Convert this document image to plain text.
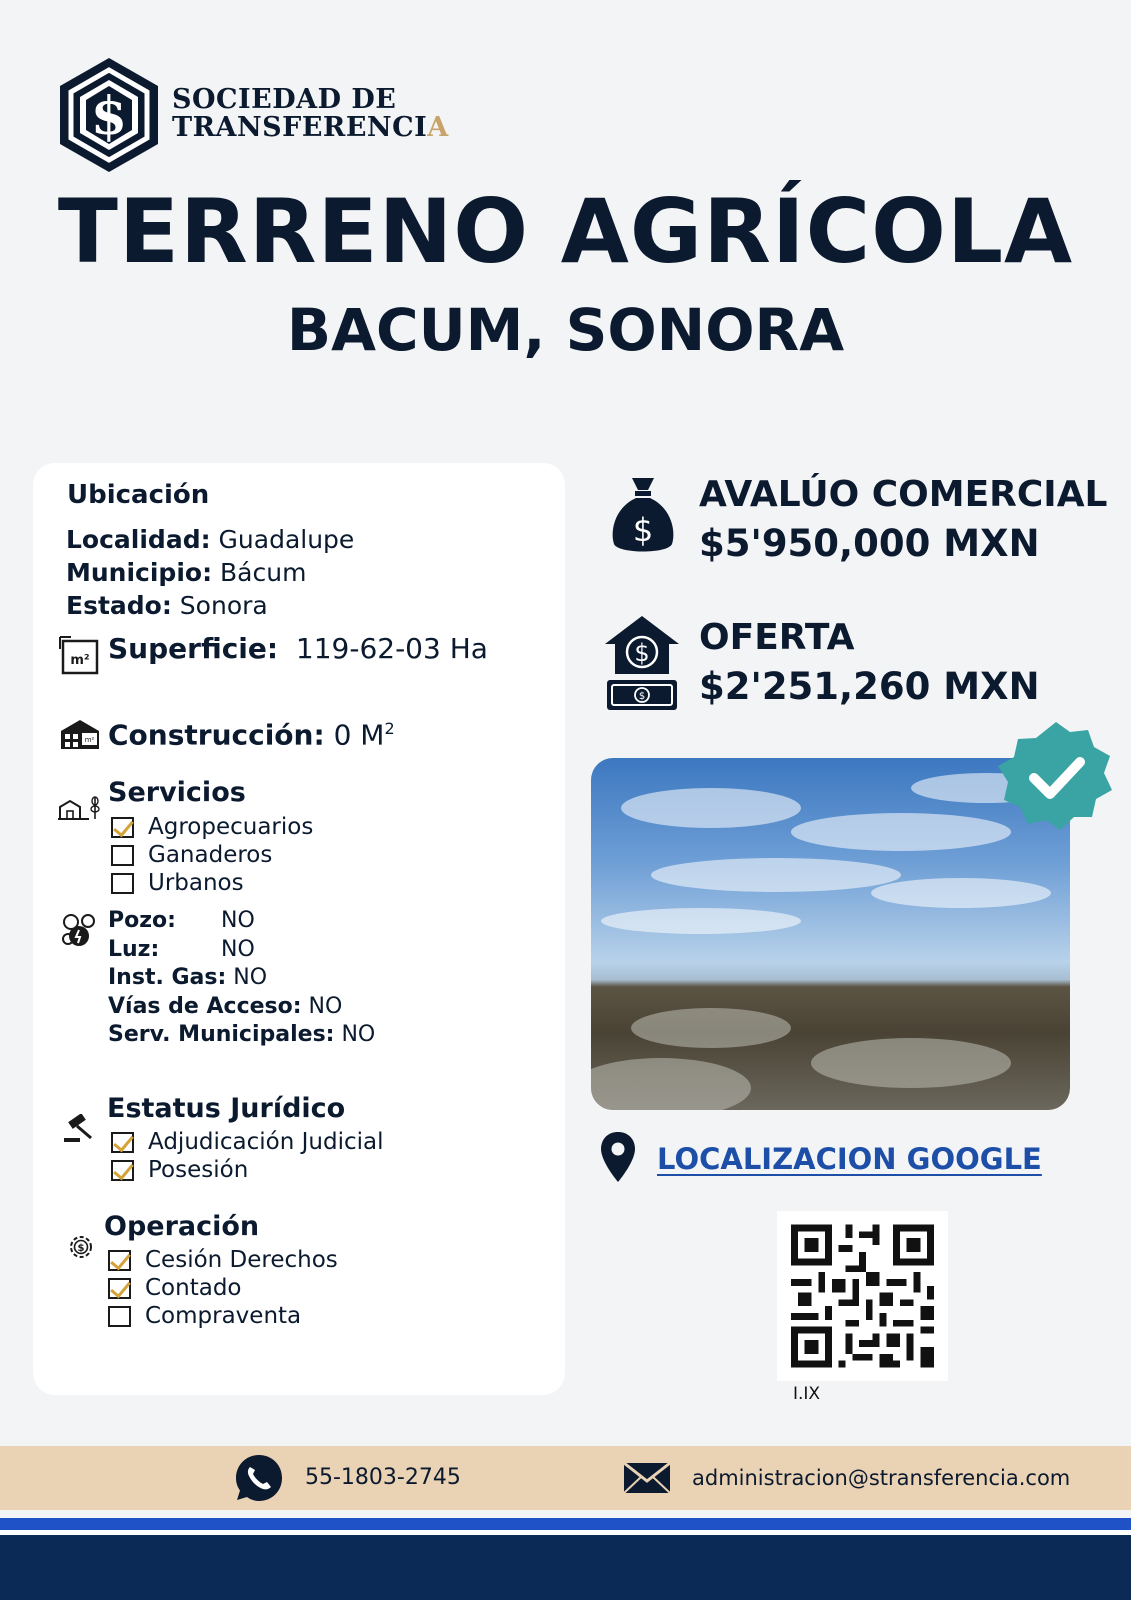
$ SOCIEDAD DE
TRANSFERENCIA
TERRENO AGRÍCOLA
BACUM, SONORA
Ubicación
Localidad: Guadalupe
Municipio: Bácum
Estado: Sonora
m² Superficie: 119-62-03 Ha
m² Construcción: 0 $M^2$
Servicios
Agropecuarios
Ganaderos
Urbanos
Pozo: NO
Luz:	NO
Inst. Gas: NO
Vías de Acceso: NO
Serv. Municipales: NO
Estatus Jurídico
Adjudicación Judicial
Posesión
$
Operación
Cesión Derechos
Contado
Compraventa
$
AVALÚO COMERCIAL
$5'950,000 MXN
$
$
OFERTA
$2'251,260 MXN
LOCALIZACION GOOGLE
I.IX
55-1803-2745	administracion@stransferencia.com
